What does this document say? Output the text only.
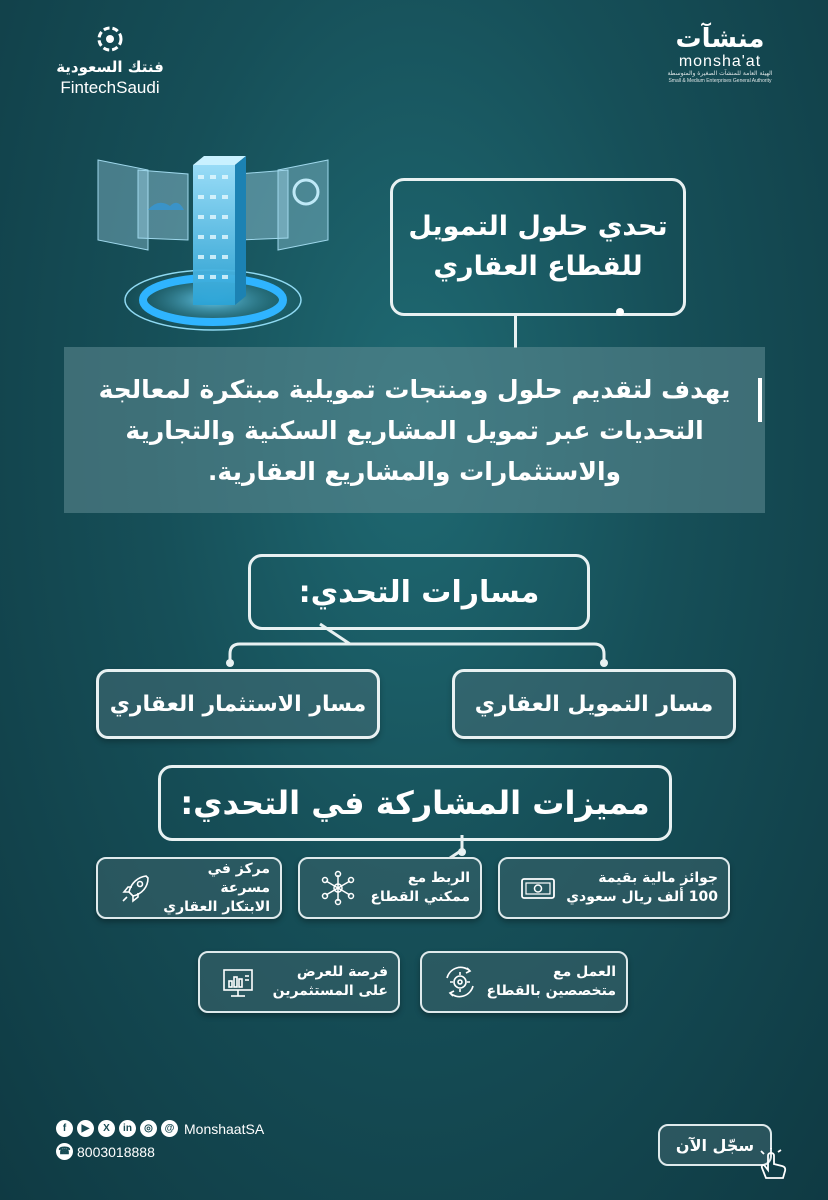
فنتك السعودية
FintechSaudi
منشآت
monsha'at
الهيئة العامة للمنشآت الصغيرة والمتوسطة
Small & Medium Enterprises General Authority
تحدي حلول التمويل
للقطاع العقاري

يهدف لتقديم حلول ومنتجات تمويلية مبتكرة لمعالجة

التحديات عبر تمويل المشاريع السكنية والتجارية

والاستثمارات والمشاريع العقارية.

مسارات التحدي:
مسار التمويل العقاري
مسار الاستثمار العقاري
مميزات المشاركة في التحدي:
جوائز مالية بقيمة
100 ألف ريال سعودي
الربط مع
ممكني القطاع
مركز في مسرعة
الابتكار العقاري
العمل مع
متخصصين بالقطاع
فرصة للعرض
على المستثمرين
f	▶	X	in	◎	@ MonshaatSA
☎ 8003018888	سجّل الآن
